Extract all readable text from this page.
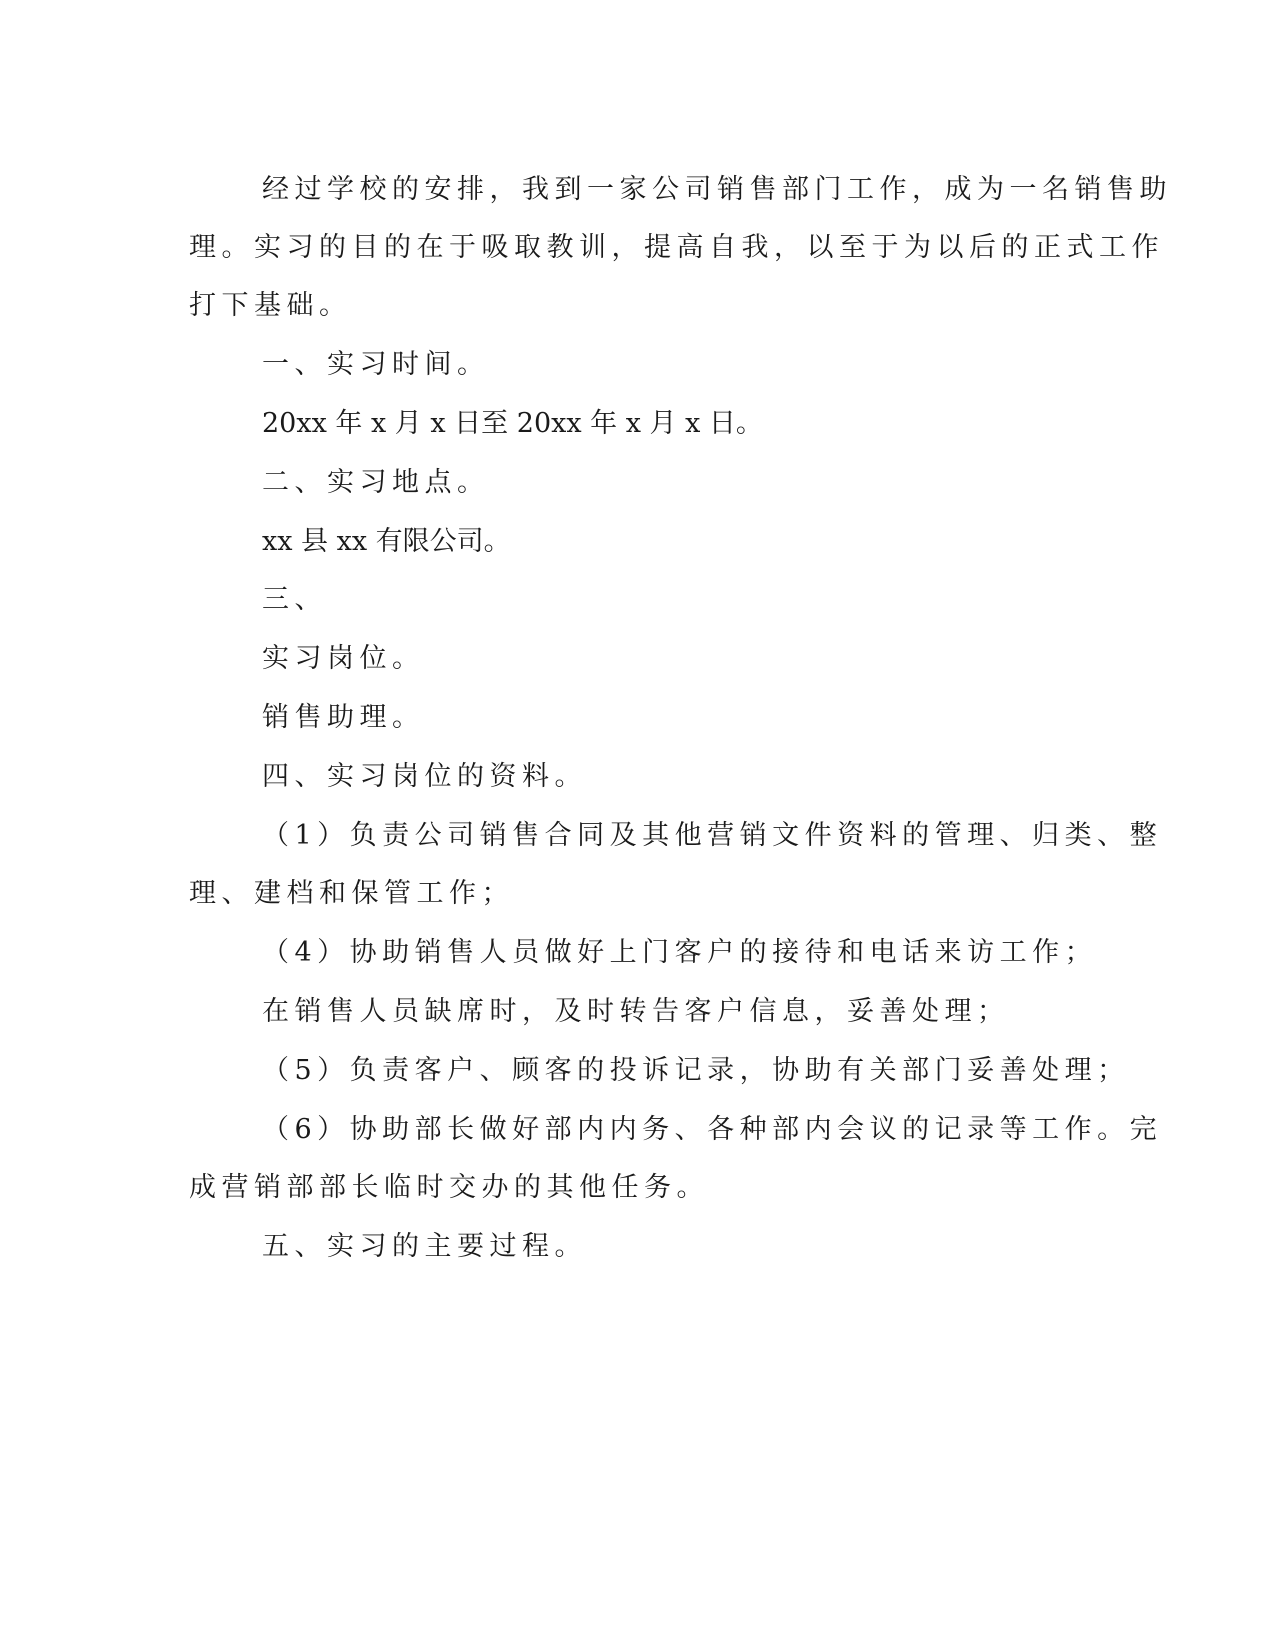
经过学校的安排，我到一家公司销售部门工作，成为一名销售助
理。实习的目的在于吸取教训，提高自我，以至于为以后的正式工作
打下基础。
一、实习时间。
20xx 年 x 月 x 日至 20xx 年 x 月 x 日。
二、实习地点。
xx 县 xx 有限公司。
三、
实习岗位。
销售助理。
四、实习岗位的资料。
（1）负责公司销售合同及其他营销文件资料的管理、归类、整
理、建档和保管工作；
（4）协助销售人员做好上门客户的接待和电话来访工作；
在销售人员缺席时，及时转告客户信息，妥善处理；
（5）负责客户、顾客的投诉记录，协助有关部门妥善处理；
（6）协助部长做好部内内务、各种部内会议的记录等工作。完
成营销部部长临时交办的其他任务。
五、实习的主要过程。
